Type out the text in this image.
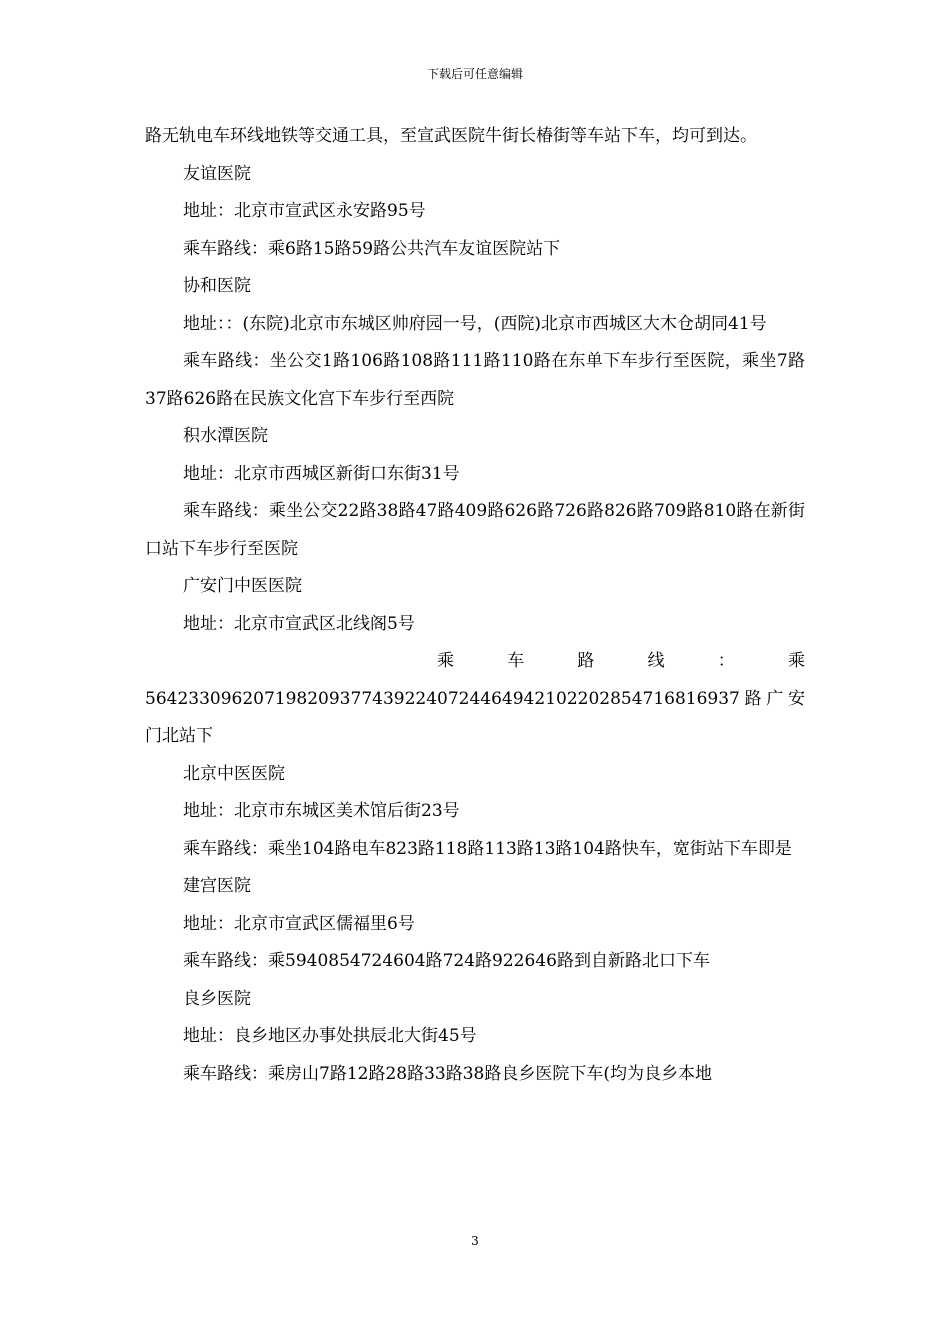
下载后可任意编辑

路无轨电车环线地铁等交通工具，至宣武医院牛街长椿街等车站下车，均可到达。

友谊医院

地址：北京市宣武区永安路95号

乘车路线：乘6路15路59路公共汽车友谊医院站下

协和医院

地址：：(东院)北京市东城区帅府园一号，(西院)北京市西城区大木仓胡同41号

乘车路线：坐公交1路106路108路111路110路在东单下车步行至医院，乘坐7路37路626路在民族文化宫下车步行至西院

积水潭医院

地址：北京市西城区新街口东街31号

乘车路线：乘坐公交22路38路47路409路626路726路826路709路810路在新街口站下车步行至医院

广安门中医医院

地址：北京市宣武区北线阁5号

乘 车 路 线 ： 乘

56423309620719820937743922407244649421022028547168169​37路广安门北站下

北京中医医院

地址：北京市东城区美术馆后街23号

乘车路线：乘坐104路电车823路118路113路13路104路快车，宽街站下车即是

建宫医院

地址：北京市宣武区儒福里6号

乘车路线：乘5940854724604路724路922646路到自新路北口下车

良乡医院

地址：良乡地区办事处拱辰北大街45号

乘车路线：乘房山7路12路28路33路38路良乡医院下车(均为良乡本地

3
